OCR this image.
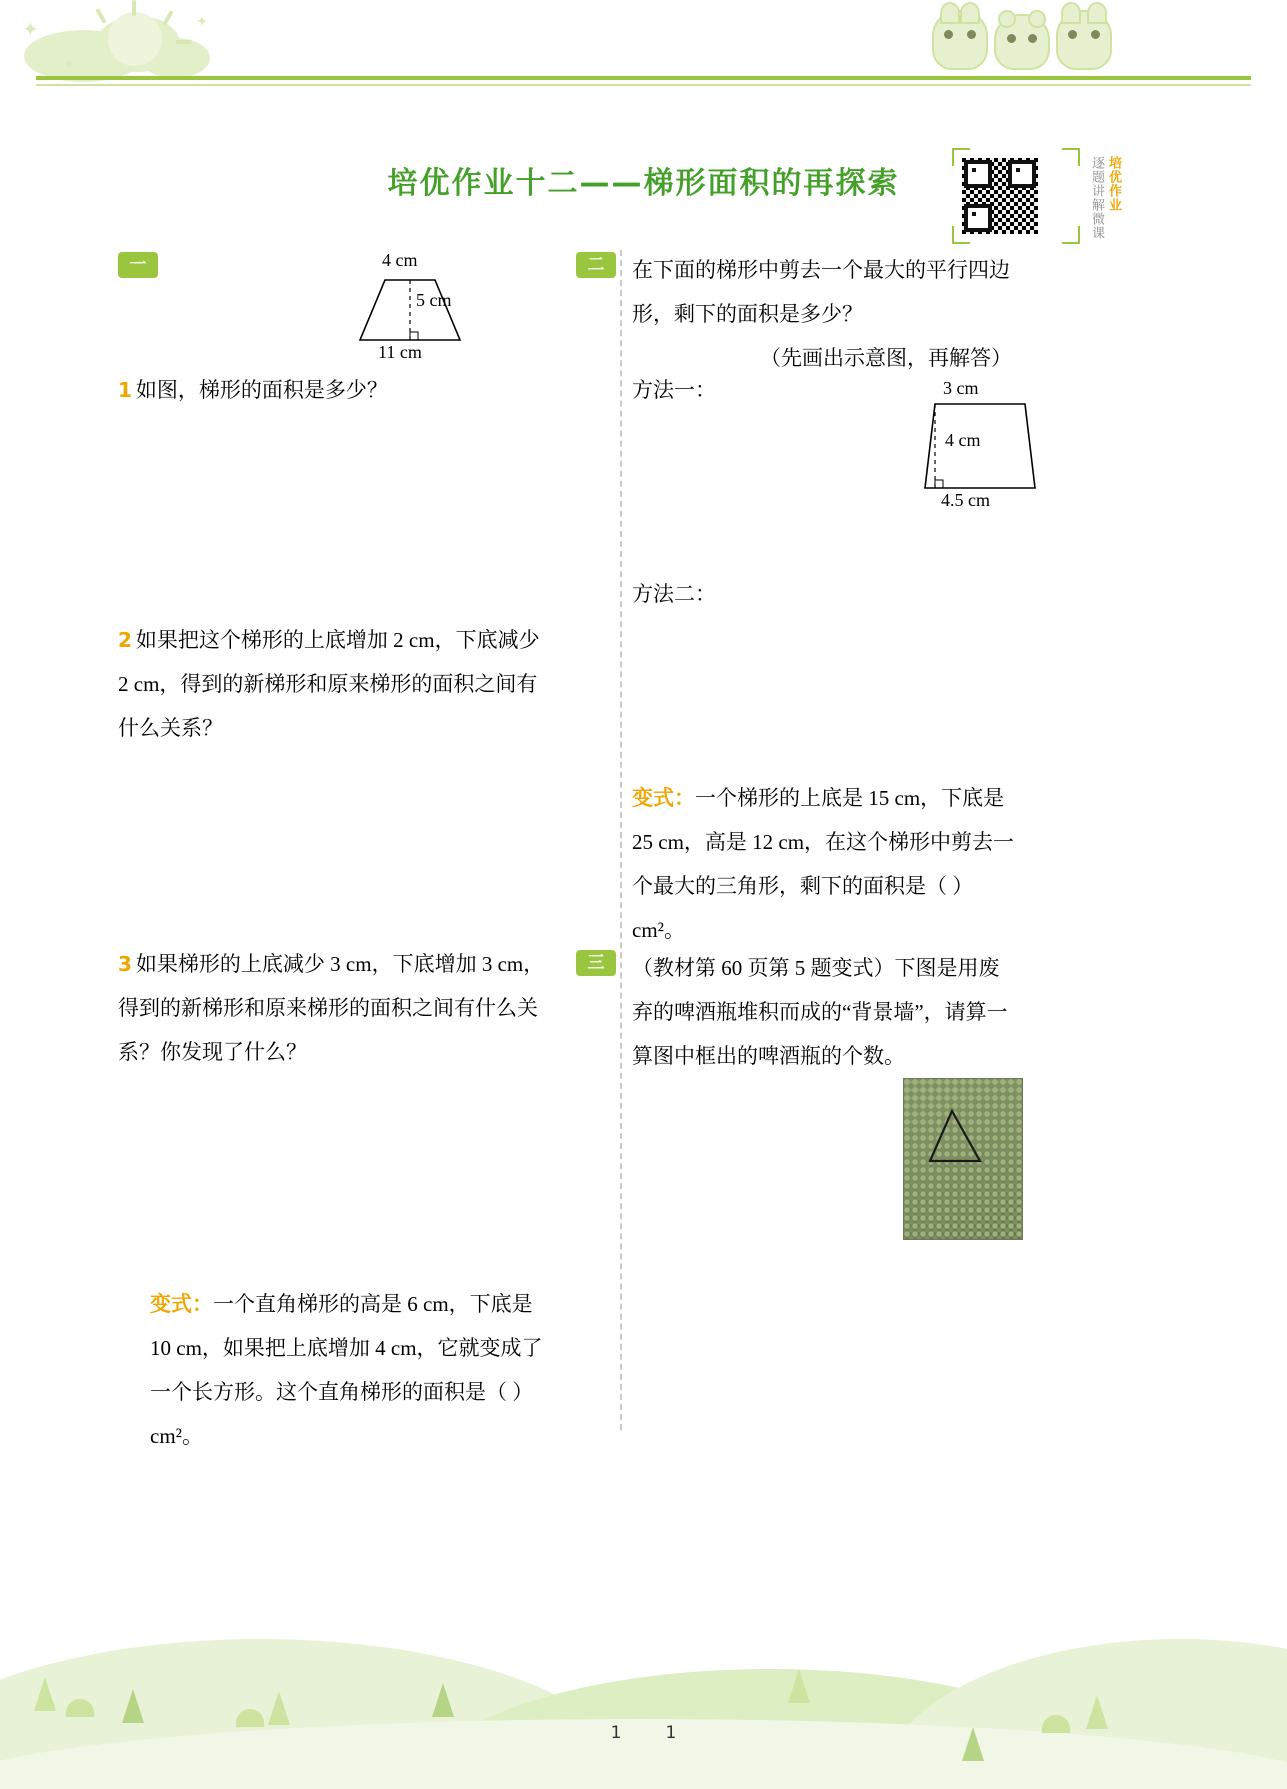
✦	✦
✦
培优作业十二——梯形面积的再探索	培优作业
逐题讲解微课
一	4 cm
5 cm
11 cm
1 如图，梯形的面积是多少？
2 如果把这个梯形的上底增加 2 cm，下底减少 2 cm，得到的新梯形和原来梯形的面积之间有什么关系？
3 如果梯形的上底减少 3 cm，下底增加 3 cm，得到的新梯形和原来梯形的面积之间有什么关系？你发现了什么？
变式：一个直角梯形的高是 6 cm，下底是 10 cm，如果把上底增加 4 cm，它就变成了一个长方形。这个直角梯形的面积是（ ）cm²。
二	在下面的梯形中剪去一个最大的平行四边形，剩下的面积是多少？
（先画出示意图，再解答）
方法一：	3 cm
4 cm
4.5 cm
方法二：
变式：一个梯形的上底是 15 cm，下底是 25 cm，高是 12 cm，在这个梯形中剪去一个最大的三角形，剩下的面积是（ ）cm²。
三	（教材第 60 页第 5 题变式）下图是用废弃的啤酒瓶堆积而成的“背景墙”，请算一算图中框出的啤酒瓶的个数。
11
